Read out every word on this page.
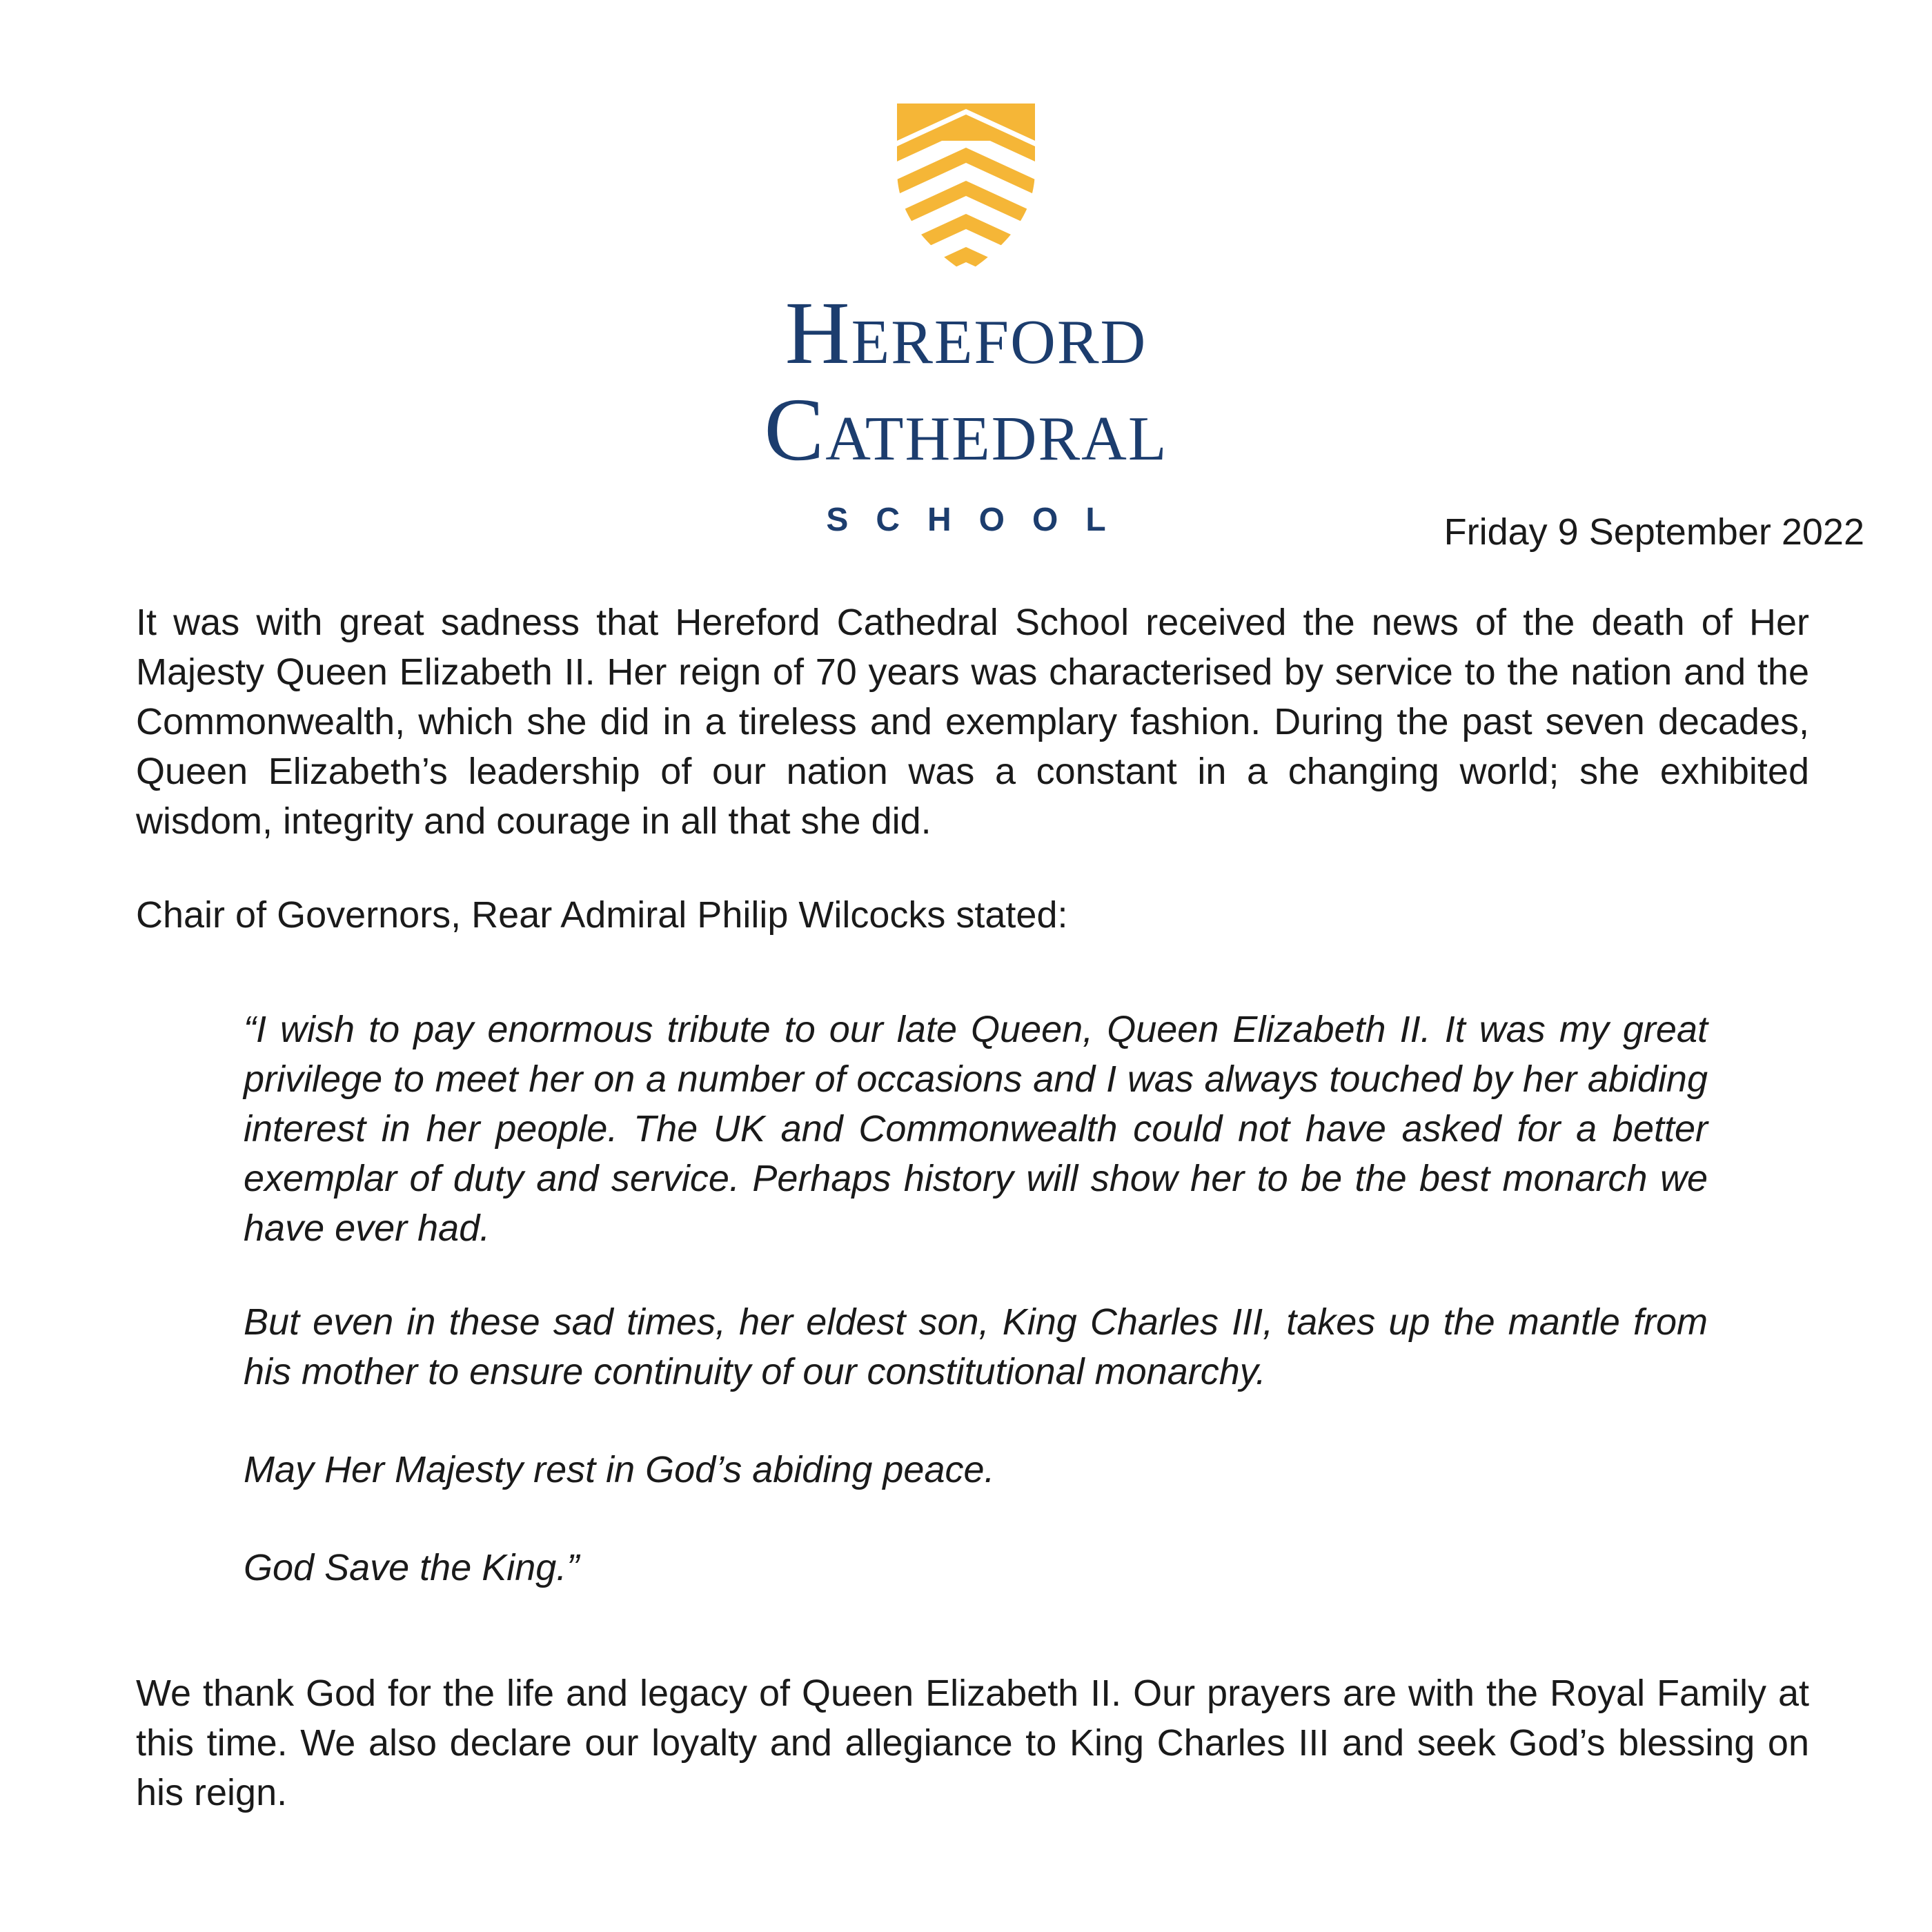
Hereford
Cathedral
SCHOOL	Friday 9 September 2022
It was with great sadness that Hereford Cathedral School received the news of the death of Her Majesty Queen Elizabeth II. Her reign of 70 years was characterised by service to the nation and the Commonwealth, which she did in a tireless and exemplary fashion. During the past seven decades, Queen Elizabeth’s leadership of our nation was a constant in a changing world; she exhibited wisdom, integrity and courage in all that she did.
Chair of Governors, Rear Admiral Philip Wilcocks stated:
“I wish to pay enormous tribute to our late Queen, Queen Elizabeth II. It was my great privilege to meet her on a number of occasions and I was always touched by her abiding interest in her people. The UK and Commonwealth could not have asked for a better exemplar of duty and service. Perhaps history will show her to be the best monarch we have ever had.
But even in these sad times, her eldest son, King Charles III, takes up the mantle from his mother to ensure continuity of our constitutional monarchy.
May Her Majesty rest in God’s abiding peace.
God Save the King.”
We thank God for the life and legacy of Queen Elizabeth II. Our prayers are with the Royal Family at this time. We also declare our loyalty and allegiance to King Charles III and seek God’s blessing on his reign.
